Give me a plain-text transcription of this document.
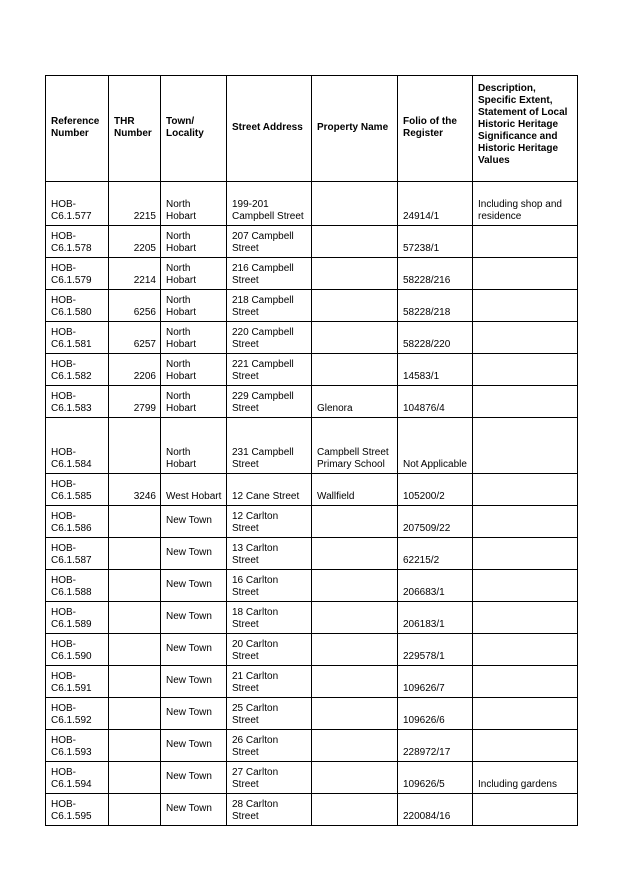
Reference Number	THR Number	Town/ Locality	Street Address	Property Name	Folio of the Register	Description, Specific Extent, Statement of Local Historic Heritage Significance and Historic Heritage Values
HOB-C6.1.577	2215	North Hobart	199-201 Campbell Street		24914/1	Including shop and residence
HOB-C6.1.578	2205	North Hobart	207 Campbell Street		57238/1	
HOB-C6.1.579	2214	North Hobart	216 Campbell Street		58228/216	
HOB-C6.1.580	6256	North Hobart	218 Campbell Street		58228/218	
HOB-C6.1.581	6257	North Hobart	220 Campbell Street		58228/220	
HOB-C6.1.582	2206	North Hobart	221 Campbell Street		14583/1	
HOB-C6.1.583	2799	North Hobart	229 Campbell Street	Glenora	104876/4	
HOB-C6.1.584		North Hobart	231 Campbell Street	Campbell Street Primary School	Not Applicable	
HOB-C6.1.585	3246	West Hobart	12 Cane Street	Wallfield	105200/2	
HOB-C6.1.586		New Town	12 Carlton Street		207509/22	
HOB-C6.1.587		New Town	13 Carlton Street		62215/2	
HOB-C6.1.588		New Town	16 Carlton Street		206683/1	
HOB-C6.1.589		New Town	18 Carlton Street		206183/1	
HOB-C6.1.590		New Town	20 Carlton Street		229578/1	
HOB-C6.1.591		New Town	21 Carlton Street		109626/7	
HOB-C6.1.592		New Town	25 Carlton Street		109626/6	
HOB-C6.1.593		New Town	26 Carlton Street		228972/17	
HOB-C6.1.594		New Town	27 Carlton Street		109626/5	Including gardens
HOB-C6.1.595		New Town	28 Carlton Street		220084/16	
